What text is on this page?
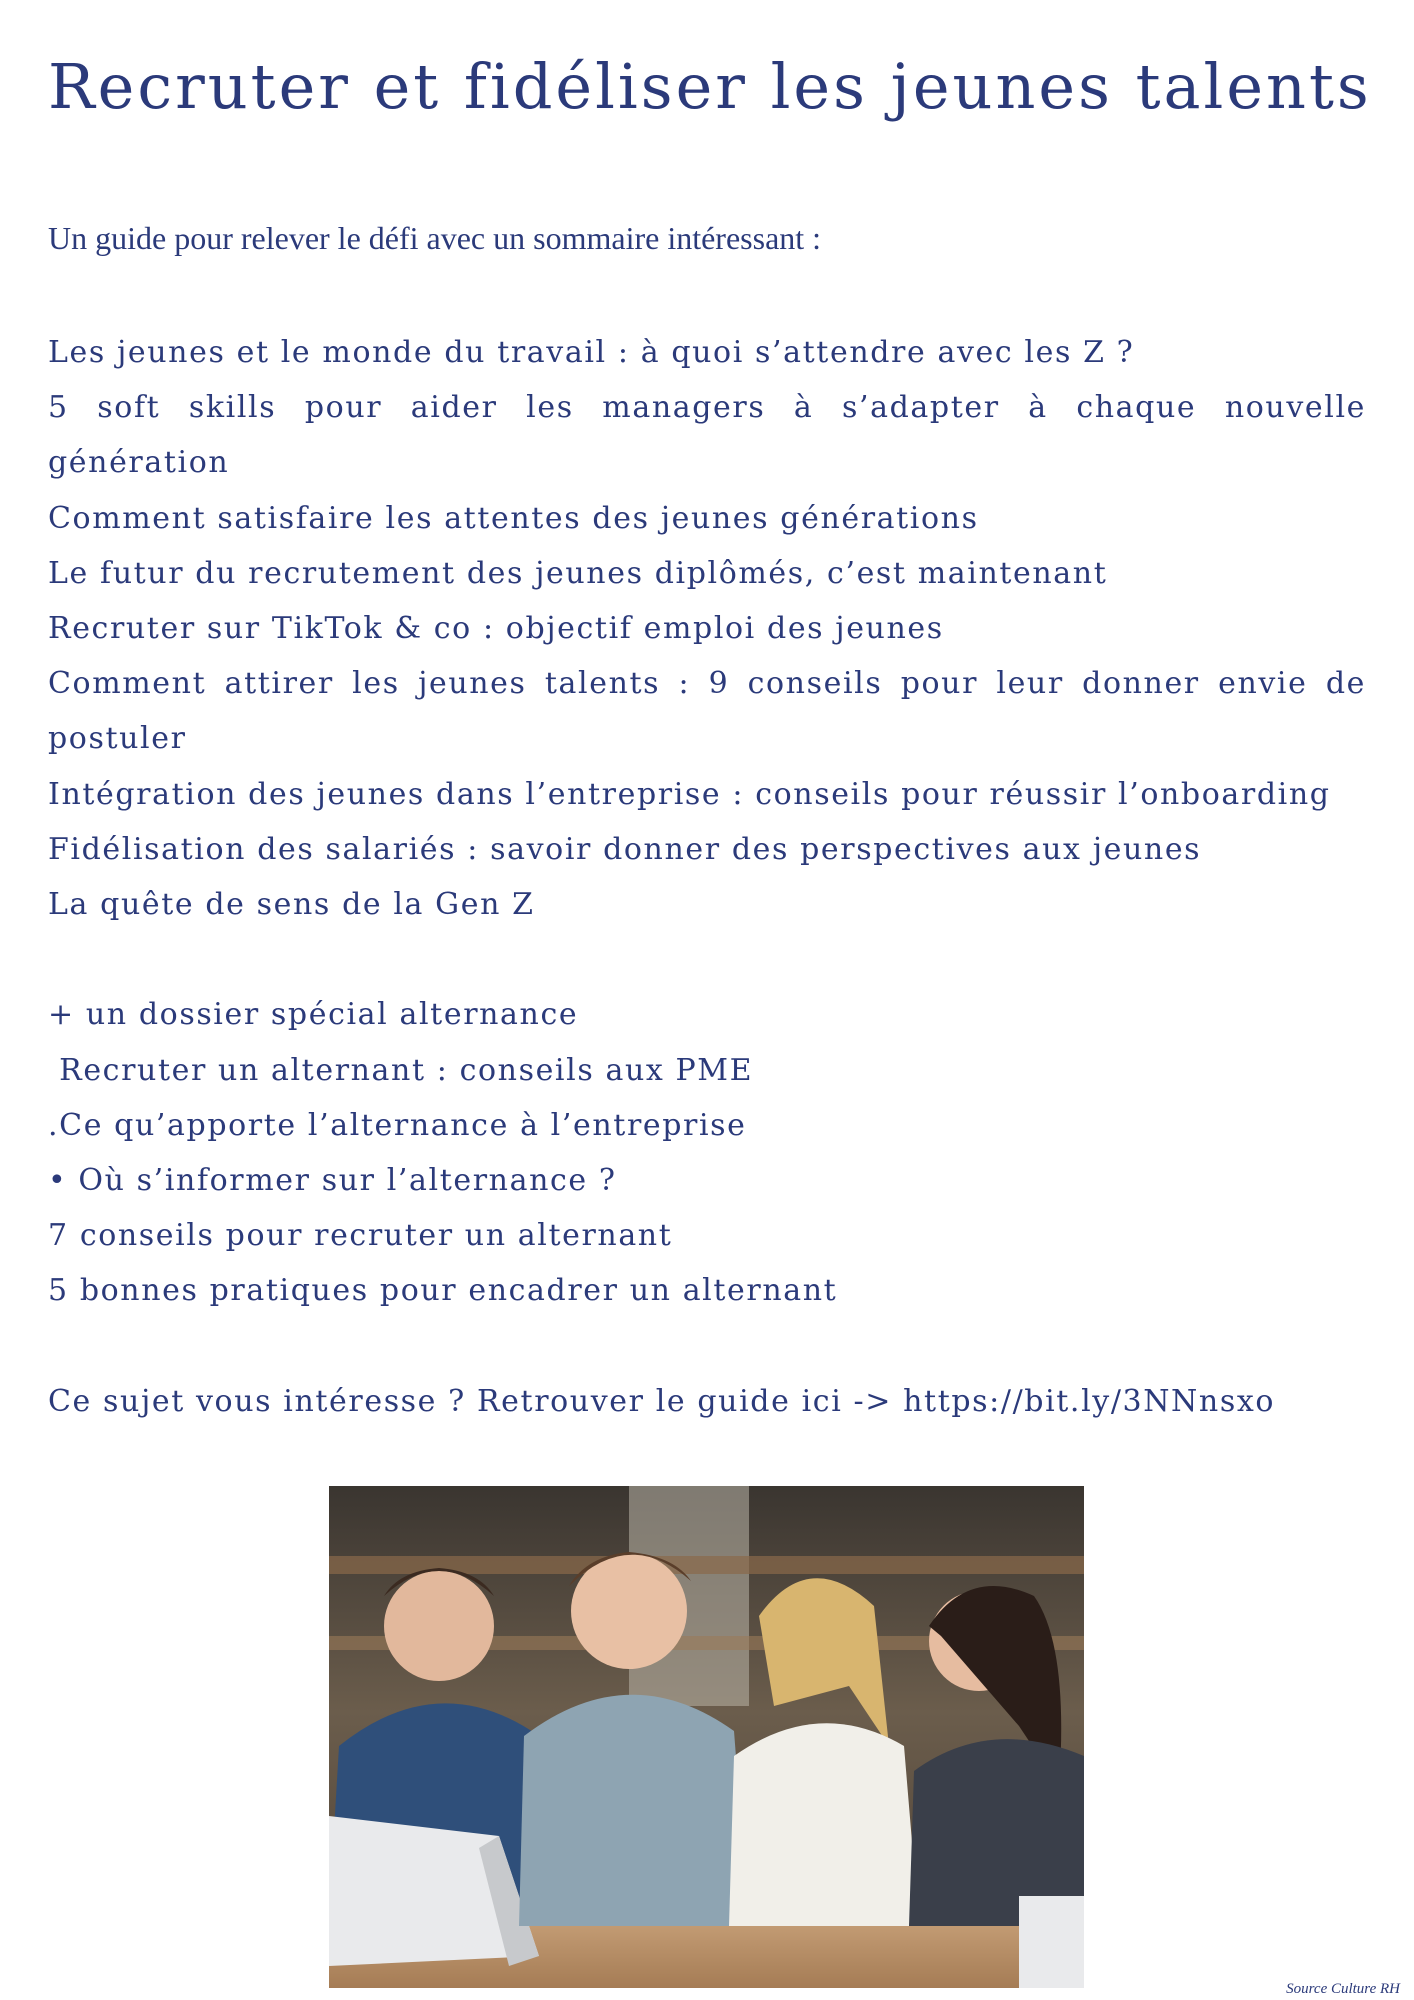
Recruter et fidéliser les jeunes talents
Un guide pour relever le défi avec un sommaire intéressant :

Les jeunes et le monde du travail : à quoi s’attendre avec les Z ?

5 soft skills pour aider les managers à s’adapter à chaque nouvelle génération

Comment satisfaire les attentes des jeunes générations

Le futur du recrutement des jeunes diplômés, c’est maintenant

Recruter sur TikTok & co : objectif emploi des jeunes

Comment attirer les jeunes talents : 9 conseils pour leur donner envie de postuler

Intégration des jeunes dans l’entreprise : conseils pour réussir l’onboarding

Fidélisation des salariés : savoir donner des perspectives aux jeunes

La quête de sens de la Gen Z

+ un dossier spécial alternance

Recruter un alternant : conseils aux PME

.Ce qu’apporte l’alternance à l’entreprise

• Où s’informer sur l’alternance ?

7 conseils pour recruter un alternant

5 bonnes pratiques pour encadrer un alternant

Ce sujet vous intéresse ? Retrouver le guide ici -> https://bit.ly/3NNnsxo

Source Culture RH
